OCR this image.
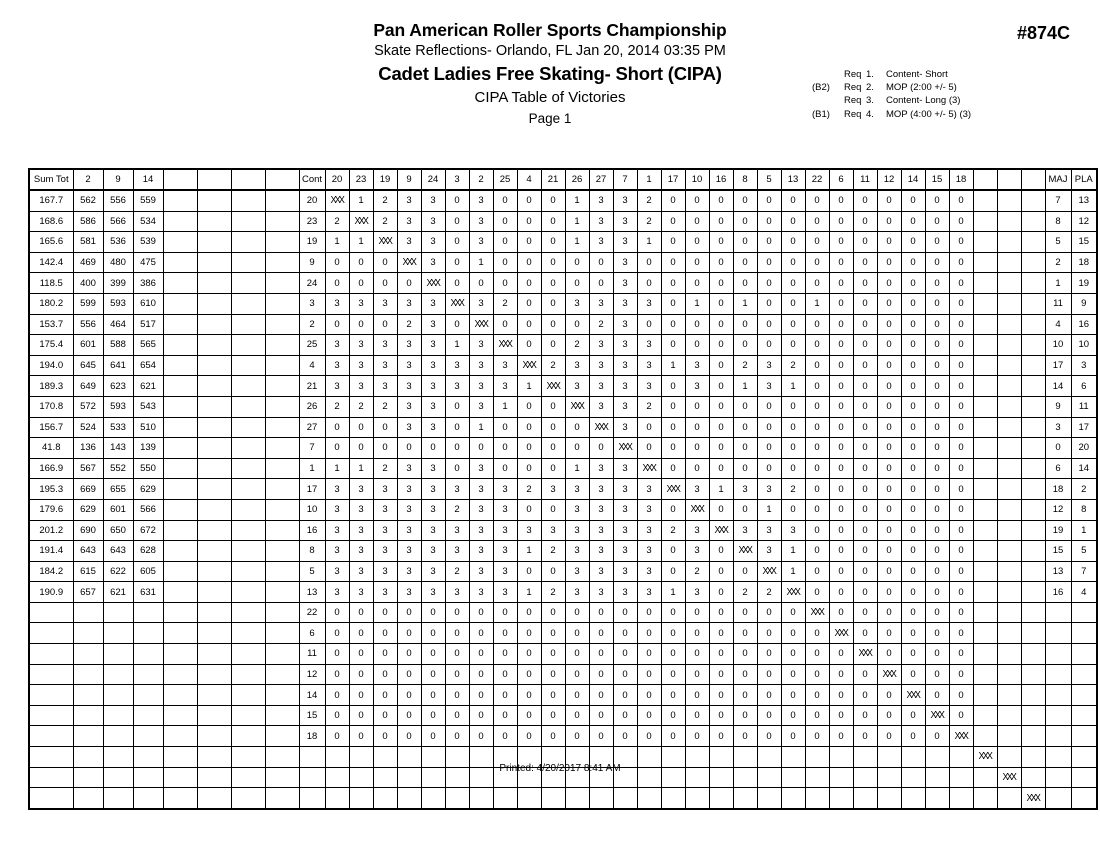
Pan American Roller Sports Championship
Skate Reflections- Orlando, FL Jan 20, 2014 03:35 PM
Cadet Ladies Free Skating- Short (CIPA)
CIPA Table of Victories
Page 1
#874C
Req 1. Content- Short
(B2) Req 2. MOP (2:00 +/- 5)
Req 3. Content- Long (3)
(B1) Req 4. MOP (4:00 +/- 5) (3)
Sum Tot	2	9	14					Cont	20	23	19	9	24	3	2	25	4	21	26	27	7	1	17	10	16	8	5	13	22	6	11	12	14	15	18				MAJ	PLA
167.7	562	556	559					20	XXX	1	2	3	3	0	3	0	0	0	1	3	3	2	0	0	0	0	0	0	0	0	0	0	0	0	0				7	13
168.6	586	566	534					23	2	XXX	2	3	3	0	3	0	0	0	1	3	3	2	0	0	0	0	0	0	0	0	0	0	0	0	0				8	12
165.6	581	536	539					19	1	1	XXX	3	3	0	3	0	0	0	1	3	3	1	0	0	0	0	0	0	0	0	0	0	0	0	0				5	15
142.4	469	480	475					9	0	0	0	XXX	3	0	1	0	0	0	0	0	3	0	0	0	0	0	0	0	0	0	0	0	0	0	0				2	18
118.5	400	399	386					24	0	0	0	0	XXX	0	0	0	0	0	0	0	3	0	0	0	0	0	0	0	0	0	0	0	0	0	0				1	19
180.2	599	593	610					3	3	3	3	3	3	XXX	3	2	0	0	3	3	3	3	0	1	0	1	0	0	1	0	0	0	0	0	0				11	9
153.7	556	464	517					2	0	0	0	2	3	0	XXX	0	0	0	0	2	3	0	0	0	0	0	0	0	0	0	0	0	0	0	0				4	16
175.4	601	588	565					25	3	3	3	3	3	1	3	XXX	0	0	2	3	3	3	0	0	0	0	0	0	0	0	0	0	0	0	0				10	10
194.0	645	641	654					4	3	3	3	3	3	3	3	3	XXX	2	3	3	3	3	1	3	0	2	3	2	0	0	0	0	0	0	0				17	3
189.3	649	623	621					21	3	3	3	3	3	3	3	3	1	XXX	3	3	3	3	0	3	0	1	3	1	0	0	0	0	0	0	0				14	6
170.8	572	593	543					26	2	2	2	3	3	0	3	1	0	0	XXX	3	3	2	0	0	0	0	0	0	0	0	0	0	0	0	0				9	11
156.7	524	533	510					27	0	0	0	3	3	0	1	0	0	0	0	XXX	3	0	0	0	0	0	0	0	0	0	0	0	0	0	0				3	17
41.8	136	143	139					7	0	0	0	0	0	0	0	0	0	0	0	0	XXX	0	0	0	0	0	0	0	0	0	0	0	0	0	0				0	20
166.9	567	552	550					1	1	1	2	3	3	0	3	0	0	0	1	3	3	XXX	0	0	0	0	0	0	0	0	0	0	0	0	0				6	14
195.3	669	655	629					17	3	3	3	3	3	3	3	3	2	3	3	3	3	3	XXX	3	1	3	3	2	0	0	0	0	0	0	0				18	2
179.6	629	601	566					10	3	3	3	3	3	2	3	3	0	0	3	3	3	3	0	XXX	0	0	1	0	0	0	0	0	0	0	0				12	8
201.2	690	650	672					16	3	3	3	3	3	3	3	3	3	3	3	3	3	3	2	3	XXX	3	3	3	0	0	0	0	0	0	0				19	1
191.4	643	643	628					8	3	3	3	3	3	3	3	3	1	2	3	3	3	3	0	3	0	XXX	3	1	0	0	0	0	0	0	0				15	5
184.2	615	622	605					5	3	3	3	3	3	2	3	3	0	0	3	3	3	3	0	2	0	0	XXX	1	0	0	0	0	0	0	0				13	7
190.9	657	621	631					13	3	3	3	3	3	3	3	3	1	2	3	3	3	3	1	3	0	2	2	XXX	0	0	0	0	0	0	0				16	4
								22	0	0	0	0	0	0	0	0	0	0	0	0	0	0	0	0	0	0	0	0	XXX	0	0	0	0	0	0					
								6	0	0	0	0	0	0	0	0	0	0	0	0	0	0	0	0	0	0	0	0	0	XXX	0	0	0	0	0					
								11	0	0	0	0	0	0	0	0	0	0	0	0	0	0	0	0	0	0	0	0	0	0	XXX	0	0	0	0					
								12	0	0	0	0	0	0	0	0	0	0	0	0	0	0	0	0	0	0	0	0	0	0	0	XXX	0	0	0					
								14	0	0	0	0	0	0	0	0	0	0	0	0	0	0	0	0	0	0	0	0	0	0	0	0	XXX	0	0					
								15	0	0	0	0	0	0	0	0	0	0	0	0	0	0	0	0	0	0	0	0	0	0	0	0	0	XXX	0					
								18	0	0	0	0	0	0	0	0	0	0	0	0	0	0	0	0	0	0	0	0	0	0	0	0	0	0	XXX					
																																				XXX				
																																					XXX			
																																						XXX		
Printed: 4/20/2017 8:41 AM
